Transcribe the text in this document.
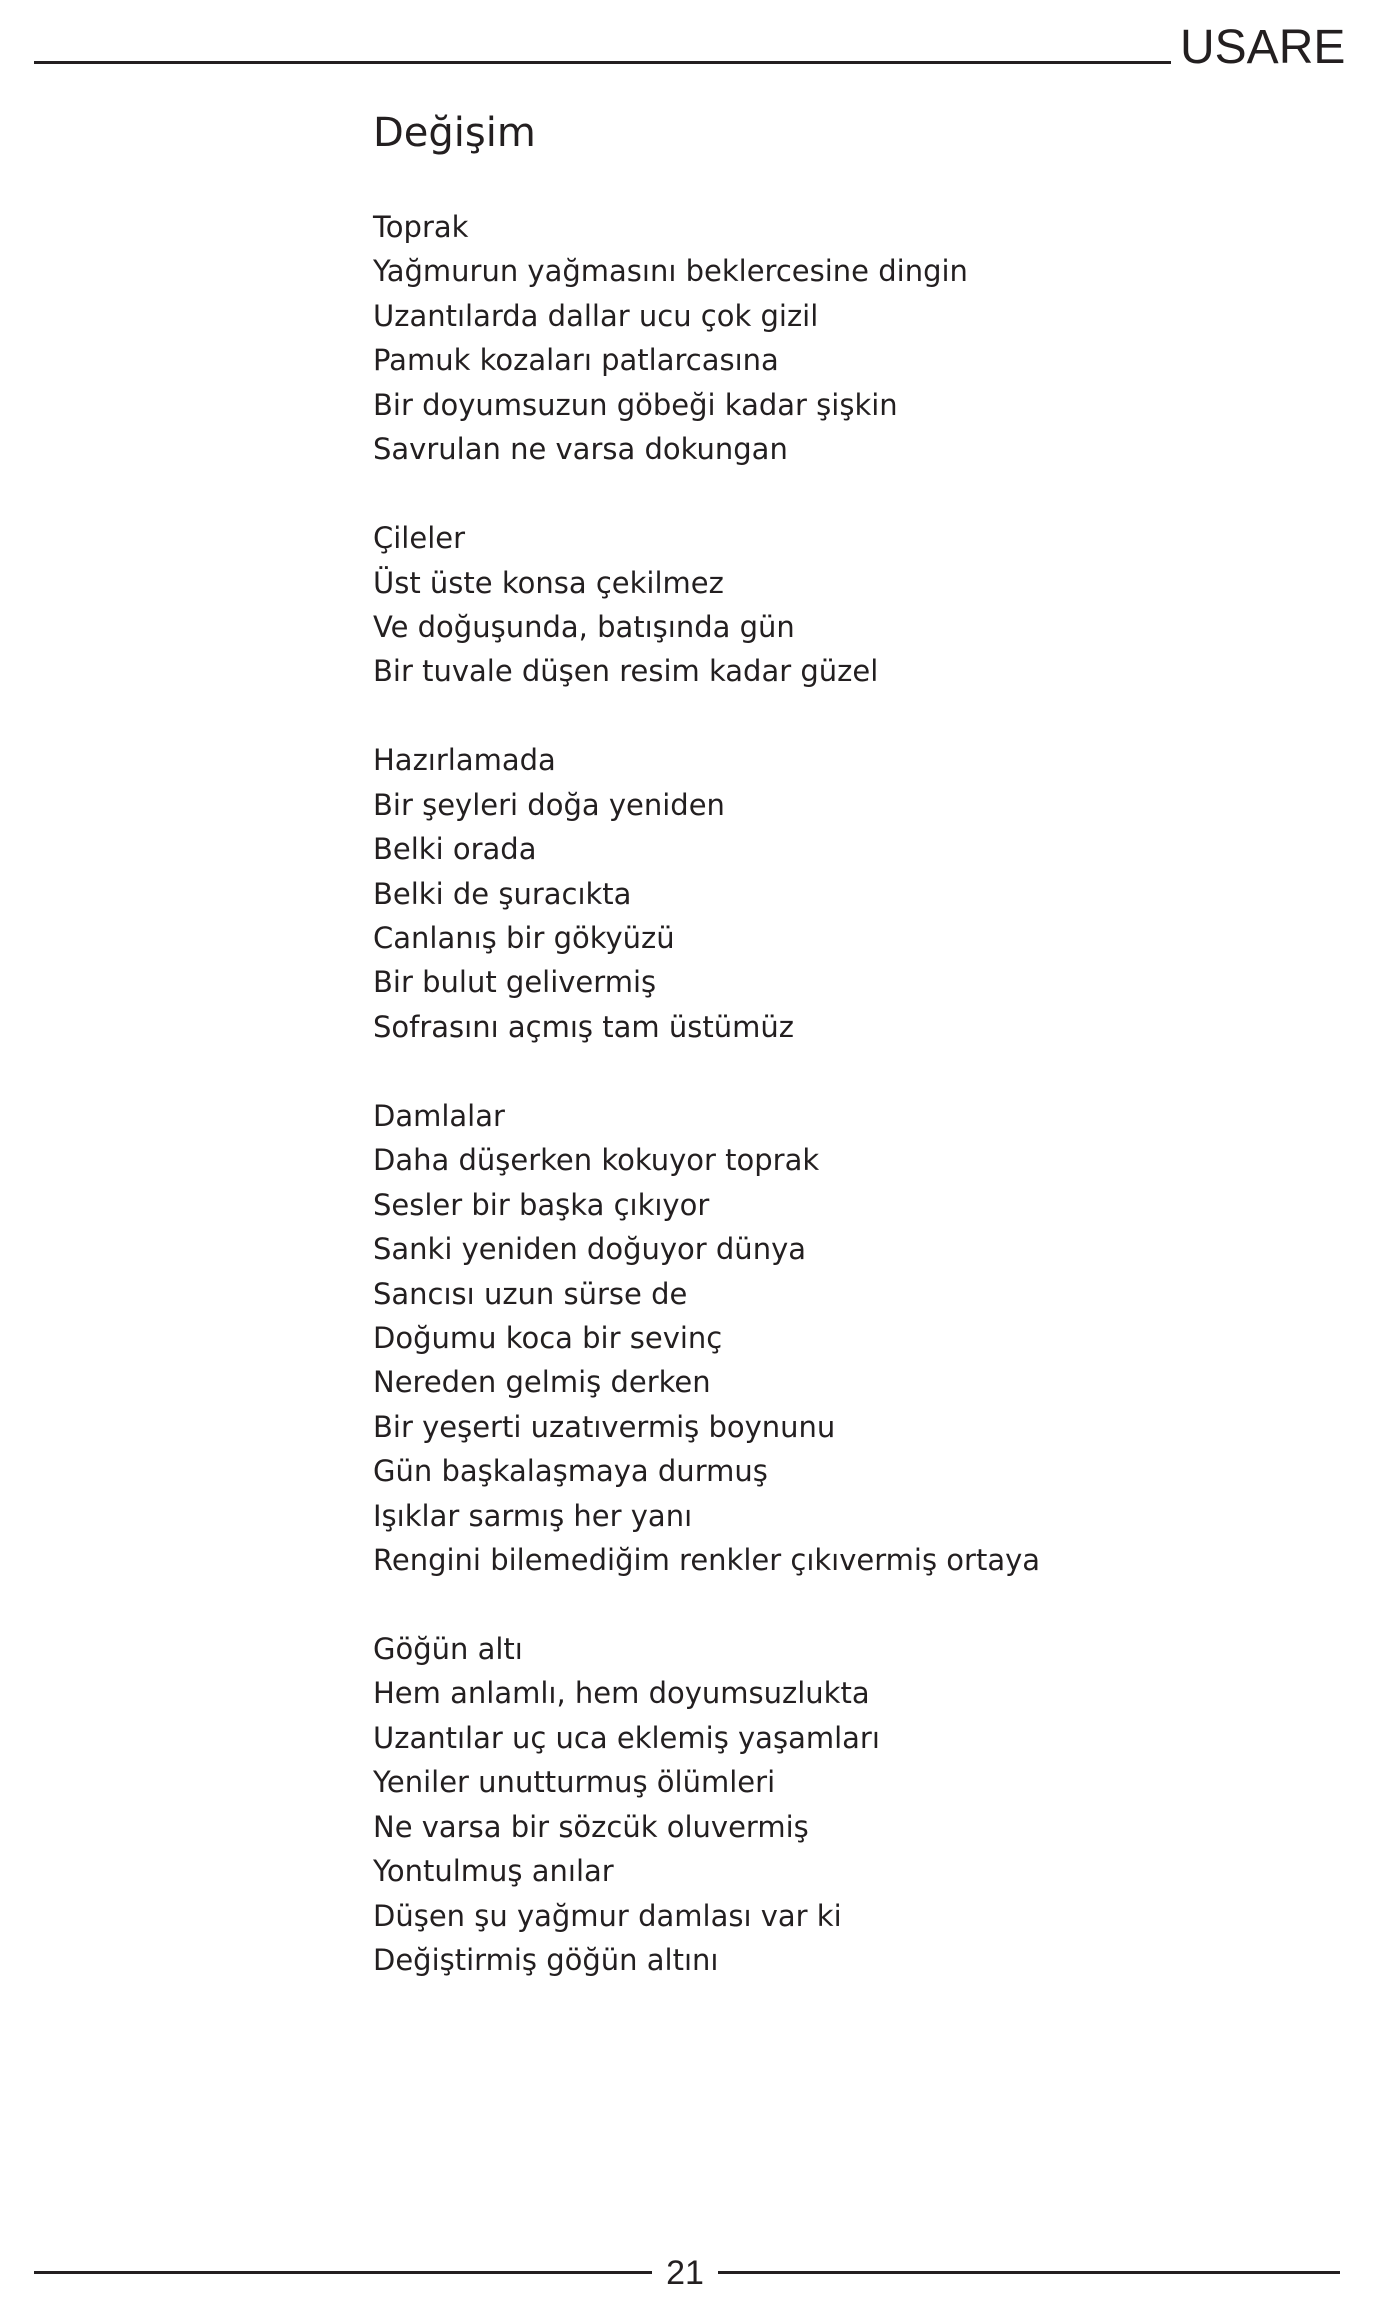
USARE
Değişim
Toprak
Yağmurun yağmasını beklercesine dingin
Uzantılarda dallar ucu çok gizil
Pamuk kozaları patlarcasına
Bir doyumsuzun göbeği kadar şişkin
Savrulan ne varsa dokungan
Çileler
Üst üste konsa çekilmez
Ve doğuşunda, batışında gün
Bir tuvale düşen resim kadar güzel
Hazırlamada
Bir şeyleri doğa yeniden
Belki orada
Belki de şuracıkta
Canlanış bir gökyüzü
Bir bulut gelivermiş
Sofrasını açmış tam üstümüz
Damlalar
Daha düşerken kokuyor toprak
Sesler bir başka çıkıyor
Sanki yeniden doğuyor dünya
Sancısı uzun sürse de
Doğumu koca bir sevinç
Nereden gelmiş derken
Bir yeşerti uzatıvermiş boynunu
Gün başkalaşmaya durmuş
Işıklar sarmış her yanı
Rengini bilemediğim renkler çıkıvermiş ortaya
Göğün altı
Hem anlamlı, hem doyumsuzlukta
Uzantılar uç uca eklemiş yaşamları
Yeniler unutturmuş ölümleri
Ne varsa bir sözcük oluvermiş
Yontulmuş anılar
Düşen şu yağmur damlası var ki
Değiştirmiş göğün altını
21
